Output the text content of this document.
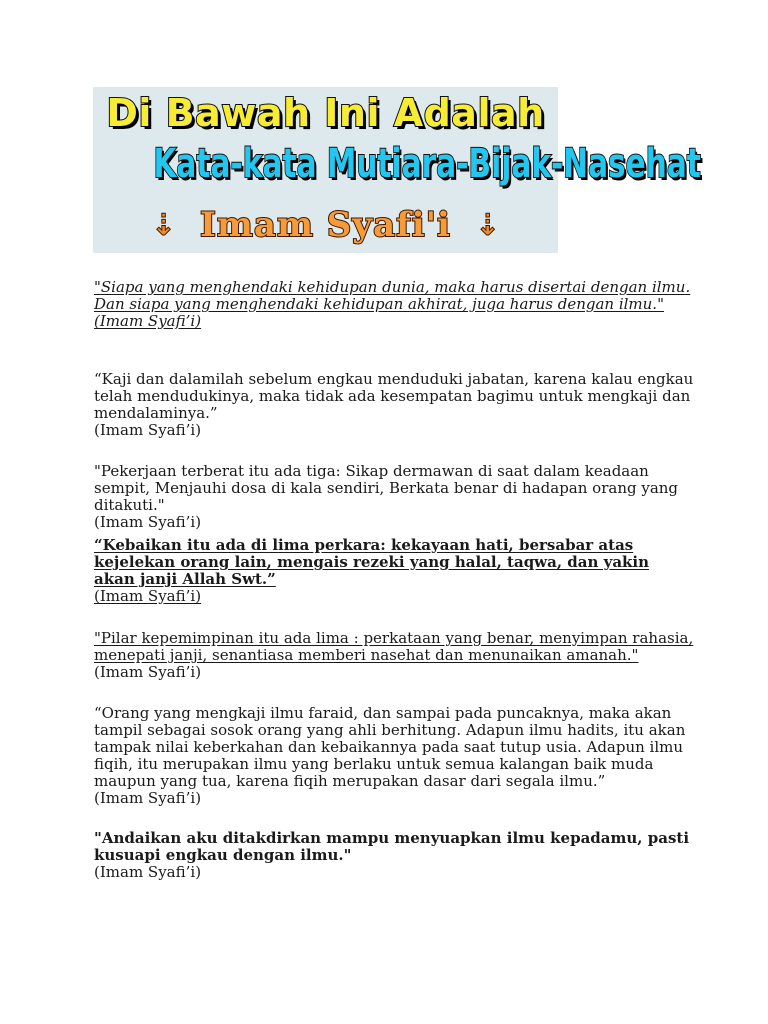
Di Bawah Ini Adalah
Kata-kata Mutiara-Bijak-Nasehat
⇣ Imam Syafi'i ⇣
"Siapa yang menghendaki kehidupan dunia, maka harus disertai dengan ilmu. Dan siapa yang menghendaki kehidupan akhirat, juga harus dengan ilmu."
(Imam Syafi’i)
“Kaji dan dalamilah sebelum engkau menduduki jabatan, karena kalau engkau telah mendudukinya, maka tidak ada kesempatan bagimu untuk mengkaji dan mendalaminya.”
(Imam Syafi’i)
"Pekerjaan terberat itu ada tiga: Sikap dermawan di saat dalam keadaan sempit, Menjauhi dosa di kala sendiri, Berkata benar di hadapan orang yang ditakuti."
(Imam Syafi’i)
“Kebaikan itu ada di lima perkara: kekayaan hati, bersabar atas kejelekan orang lain, mengais rezeki yang halal, taqwa, dan yakin akan janji Allah Swt.”
(Imam Syafi’i)
"Pilar kepemimpinan itu ada lima : perkataan yang benar, menyimpan rahasia, menepati janji, senantiasa memberi nasehat dan menunaikan amanah."
(Imam Syafi’i)
“Orang yang mengkaji ilmu faraid, dan sampai pada puncaknya, maka akan tampil sebagai sosok orang yang ahli berhitung. Adapun ilmu hadits, itu akan tampak nilai keberkahan dan kebaikannya pada saat tutup usia. Adapun ilmu fiqih, itu merupakan ilmu yang berlaku untuk semua kalangan baik muda maupun yang tua, karena fiqih merupakan dasar dari segala ilmu.”
(Imam Syafi’i)
"Andaikan aku ditakdirkan mampu menyuapkan ilmu kepadamu, pasti kusuapi engkau dengan ilmu."
(Imam Syafi’i)
